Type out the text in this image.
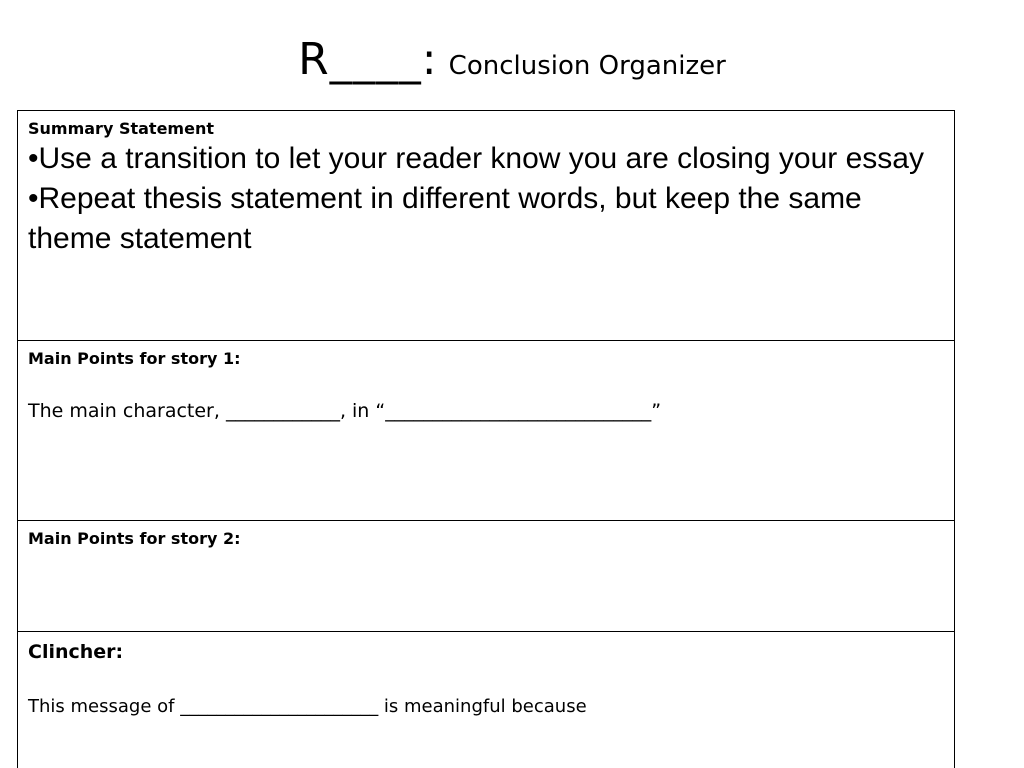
R____: Conclusion Organizer
Summary Statement
•Use a transition to let your reader know you are closing your essay
•Repeat thesis statement in different words, but keep the same theme statement
Main Points for story 1:
The main character, ____________, in “____________________________”
Main Points for story 2:
Clincher:
This message of ______________________ is meaningful because
